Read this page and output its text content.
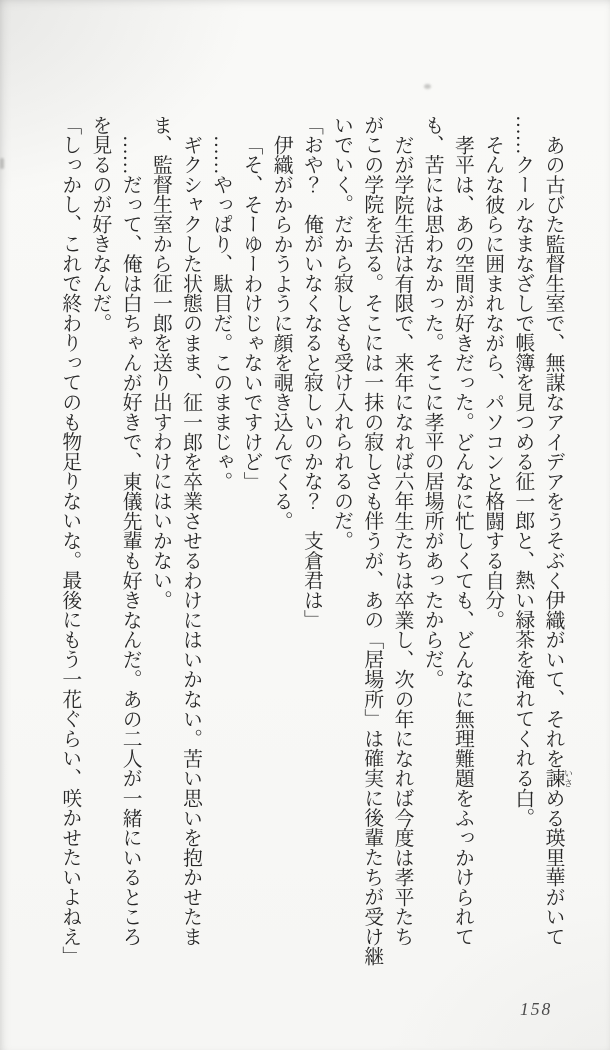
あの古びた監督生室で、無謀なアイデアをうそぶく伊織がいて、それを諫 いさめる瑛里華がいて

……クールなまなざしで帳簿を見つめる征一郎と、熱い緑茶を淹れてくれる白。

そんな彼らに囲まれながら、パソコンと格闘する自分。

孝平は、あの空間が好きだった。どんなに忙しくても、どんなに無理難題をふっかけられて

も、苦には思わなかった。そこに孝平の居場所があったからだ。

だが学院生活は有限で、来年になれば六年生たちは卒業し、次の年になれば今度は孝平たち

がこの学院を去る。そこには一抹の寂しさも伴うが、あの「居場所」は確実に後輩たちが受け継

いでいく。だから寂しさも受け入れられるのだ。

「おや？　俺がいなくなると寂しいのかな？　支倉君は」

伊織がからかうように顔を覗き込んでくる。

「そ、そーゆーわけじゃないですけど」

……やっぱり、駄目だ。このままじゃ。

ギクシャクした状態のまま、征一郎を卒業させるわけにはいかない。苦い思いを抱かせたま

ま、監督生室から征一郎を送り出すわけにはいかない。

……だって、俺は白ちゃんが好きで、東儀先輩も好きなんだ。あの二人が一緒にいるところ

を見るのが好きなんだ。

「しっかし、これで終わりってのも物足りないな。最後にもう一花ぐらい、咲かせたいよねえ」

158
